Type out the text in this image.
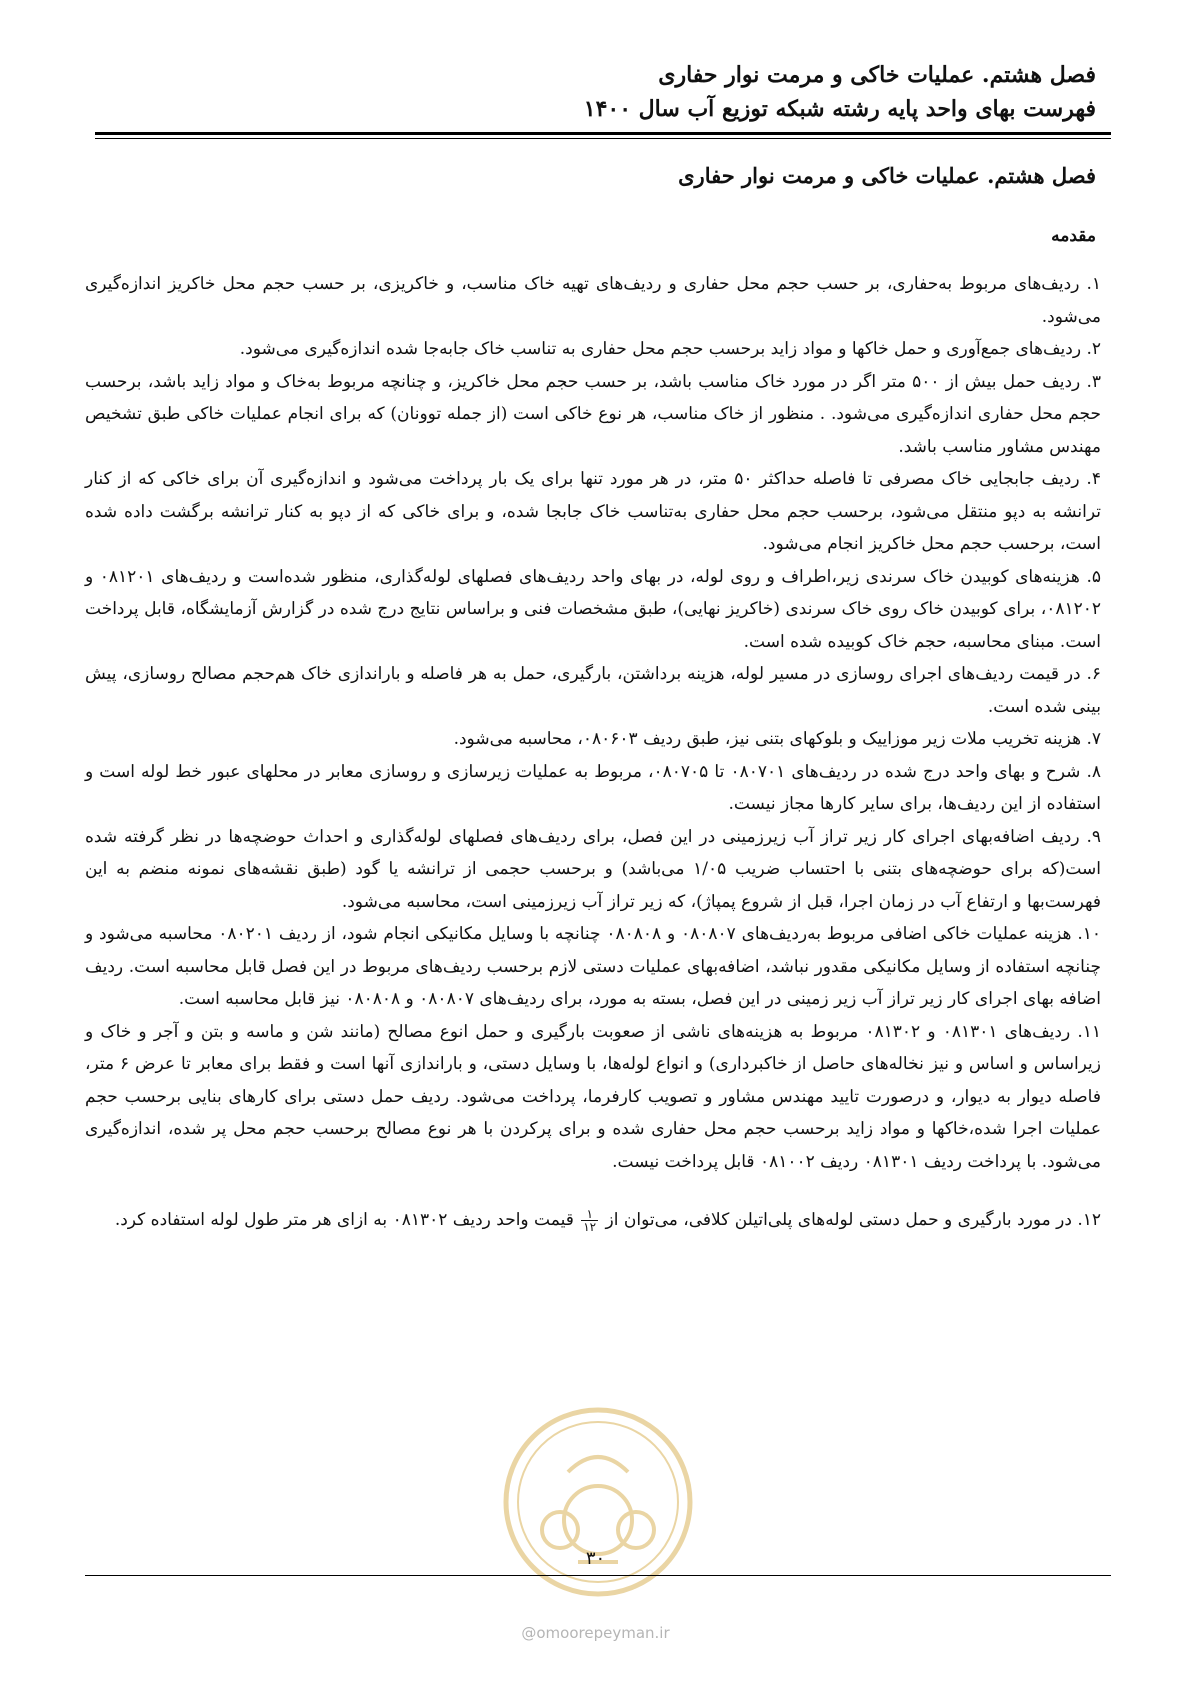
فصل هشتم. عملیات خاکی و مرمت نوار حفاری
فهرست بهای واحد پایه رشته شبکه توزیع آب سال ۱۴۰۰
فصل هشتم. عملیات خاکی و مرمت نوار حفاری
مقدمه

۱. ردیف‌های مربوط به‌حفاری، بر حسب حجم محل حفاری و ردیف‌های تهیه خاک مناسب، و خاکریزی، بر حسب حجم محل خاکریز اندازه‌گیری می‌شود.

۲. ردیف‌های جمع‌آوری و حمل خاکها و مواد زاید برحسب حجم محل حفاری به تناسب خاک جابه‌جا شده اندازه‌گیری می‌شود.

۳. ردیف حمل بیش از ۵۰۰ متر اگر در مورد خاک مناسب باشد، بر حسب حجم محل خاکریز، و چنانچه مربوط به‌خاک و مواد زاید باشد، برحسب حجم محل حفاری اندازه‌گیری می‌شود. . منظور از خاک مناسب، هر نوع خاکی است (از جمله توونان) که برای انجام عملیات خاکی طبق تشخیص مهندس مشاور مناسب باشد.

۴. ردیف جابجایی خاک مصرفی تا فاصله حداکثر ۵۰ متر، در هر مورد تنها برای یک بار پرداخت می‌شود و اندازه‌گیری آن برای خاکی که از کنار ترانشه به دپو منتقل می‌شود، برحسب حجم محل حفاری به‌تناسب خاک جابجا شده، و برای خاکی که از دپو به کنار ترانشه برگشت داده شده است، برحسب حجم محل خاکریز انجام می‌شود.

۵. هزینه‌های کوبیدن خاک سرندی زیر،اطراف و روی لوله، در بهای واحد ردیف‌های فصلهای لوله‌گذاری، منظور شده‌است و ردیف‌های ۰۸۱۲۰۱ و ۰۸۱۲۰۲، برای کوبیدن خاک روی خاک سرندی (خاکریز نهایی)، طبق مشخصات فنی و براساس نتایج درج شده در گزارش آزمایشگاه، قابل پرداخت است. مبنای محاسبه، حجم خاک کوبیده شده است.

۶. در قیمت ردیف‌های اجرای روسازی در مسیر لوله، هزینه برداشتن، بارگیری، حمل به هر فاصله و باراندازی خاک هم‌حجم مصالح روسازی، پیش بینی شده است.

۷. هزینه تخریب ملات زیر موزاییک و بلوکهای بتنی نیز، طبق ردیف ۰۸۰۶۰۳، محاسبه می‌شود.

۸. شرح و بهای واحد درج شده در ردیف‌های ۰۸۰۷۰۱ تا ۰۸۰۷۰۵، مربوط به عملیات زیرسازی و روسازی معابر در محلهای عبور خط لوله است و استفاده از این ردیف‌ها، برای سایر کارها مجاز نیست.

۹. ردیف اضافه‌بهای اجرای کار زیر تراز آب زیرزمینی در این فصل، برای ردیف‌های فصلهای لوله‌گذاری و احداث حوضچه‌ها در نظر گرفته شده است(که برای حوضچه‌های بتنی با احتساب ضریب ۱/۰۵ می‌باشد) و برحسب حجمی از ترانشه یا گود (طبق نقشه‌های نمونه منضم به این فهرست‌بها و ارتفاع آب در زمان اجرا، قبل از شروع پمپاژ)، که زیر تراز آب زیرزمینی است، محاسبه می‌شود.

۱۰. هزینه عملیات خاکی اضافی مربوط به‌ردیف‌های ۰۸۰۸۰۷ و ۰۸۰۸۰۸ چنانچه با وسایل مکانیکی انجام شود، از ردیف ۰۸۰۲۰۱ محاسبه می‌شود و چنانچه استفاده از وسایل مکانیکی مقدور نباشد، اضافه‌بهای عملیات دستی لازم برحسب ردیف‌های مربوط در این فصل قابل محاسبه است. ردیف اضافه بهای اجرای کار زیر تراز آب زیر زمینی در این فصل، بسته به مورد، برای ردیف‌های ۰۸۰۸۰۷ و ۰۸۰۸۰۸ نیز قابل محاسبه است.

۱۱. ردیف‌های ۰۸۱۳۰۱ و ۰۸۱۳۰۲ مربوط به هزینه‌های ناشی از صعوبت بارگیری و حمل انوع مصالح (مانند شن و ماسه و بتن و آجر و خاک و زیراساس و اساس و نیز نخاله‌های حاصل از خاکبرداری) و انواع لوله‌ها، با وسایل دستی، و باراندازی آنها است و فقط برای معابر تا عرض ۶ متر، فاصله دیوار به دیوار، و درصورت تایید مهندس مشاور و تصویب کارفرما، پرداخت می‌شود. ردیف حمل دستی برای کارهای بنایی برحسب حجم عملیات اجرا شده،خاکها و مواد زاید برحسب حجم محل حفاری شده و برای پرکردن با هر نوع مصالح برحسب حجم محل پر شده، اندازه‌گیری می‌شود. با پرداخت ردیف ۰۸۱۳۰۱ ردیف ۰۸۱۰۰۲ قابل پرداخت نیست.

۱۲. در مورد بارگیری و حمل دستی لوله‌های پلی‌اتیلن کلافی، می‌توان از
$\frac{۱}{۱۲}$
قیمت واحد ردیف ۰۸۱۳۰۲ به ازای هر متر طول لوله استفاده کرد.

۳۰
@omoorepeyman.ir
